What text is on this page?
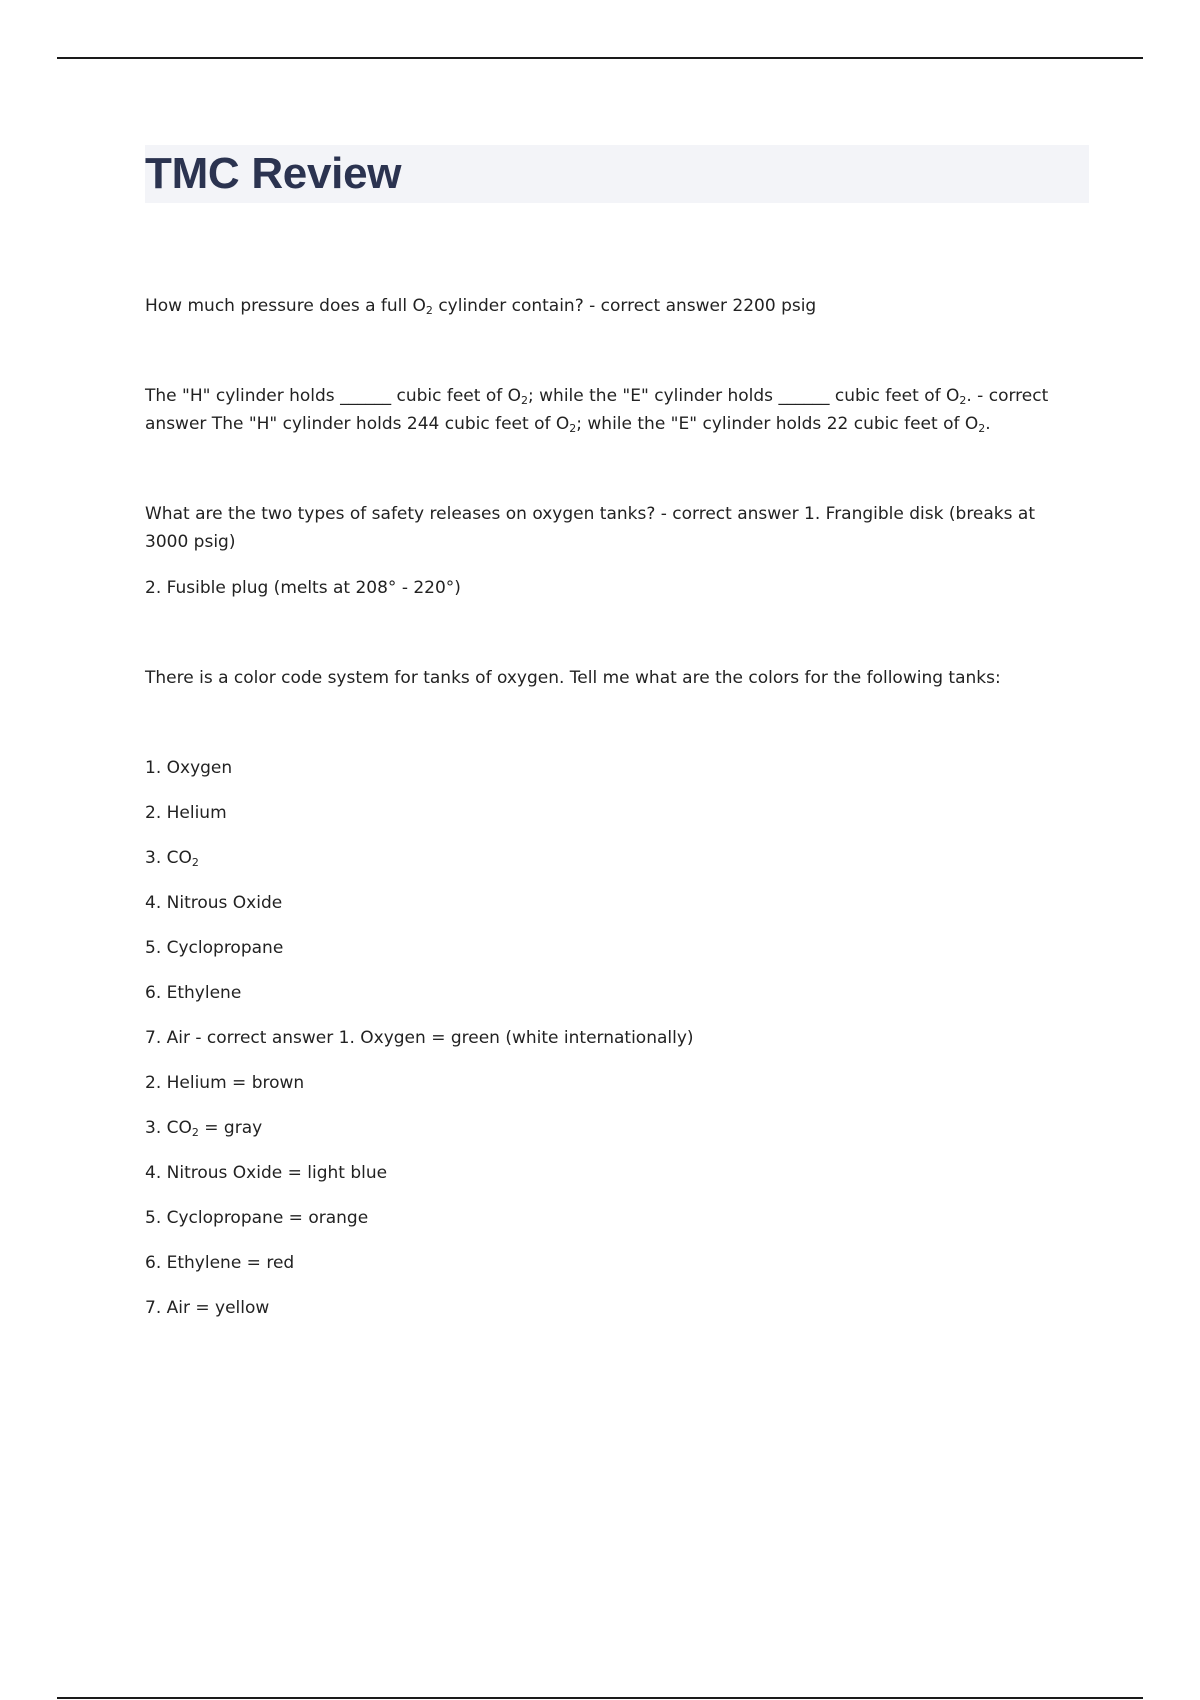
TMC Review

How much pressure does a full $O_2$ cylinder contain? - correct answer 2200 psig

The "H" cylinder holds ______ cubic feet of $O_2$; while the "E" cylinder holds ______ cubic feet of $O_2$. - correct answer The "H" cylinder holds 244 cubic feet of $O_2$; while the "E" cylinder holds 22 cubic feet of $O_2$.

What are the two types of safety releases on oxygen tanks? - correct answer 1. Frangible disk (breaks at 3000 psig)

2. Fusible plug (melts at 208° - 220°)

There is a color code system for tanks of oxygen. Tell me what are the colors for the following tanks:

1. Oxygen

2. Helium

3. $CO_2$

4. Nitrous Oxide

5. Cyclopropane

6. Ethylene

7. Air - correct answer 1. Oxygen = green (white internationally)

2. Helium = brown

3. $CO_2$ = gray

4. Nitrous Oxide = light blue

5. Cyclopropane = orange

6. Ethylene = red

7. Air = yellow
